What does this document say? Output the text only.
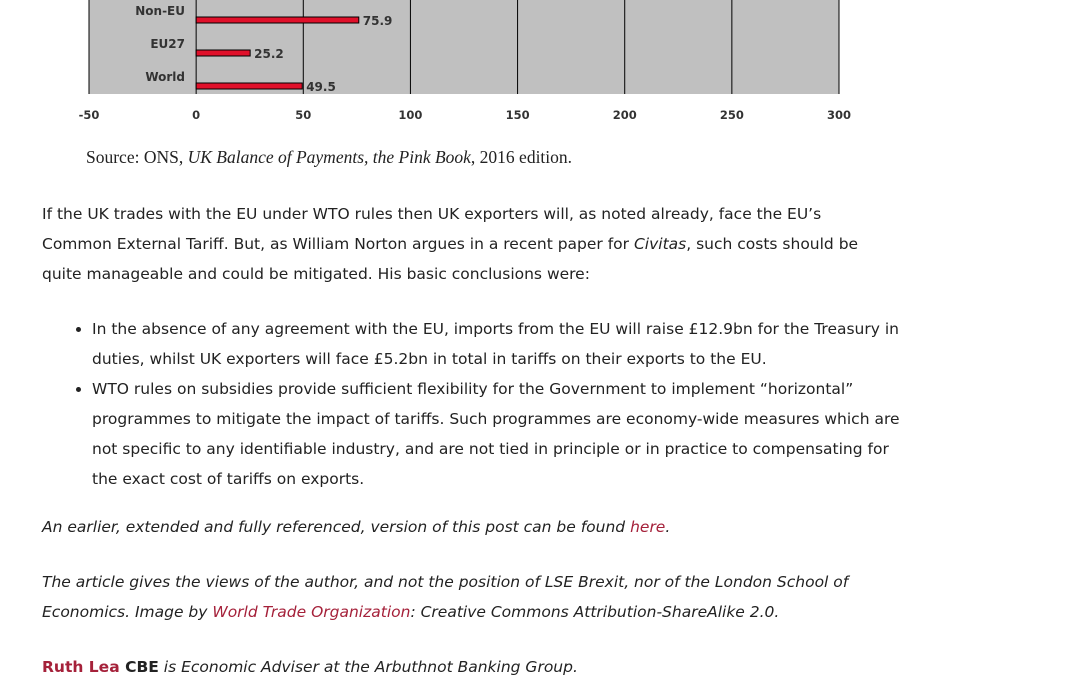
Non-EU
EU27
World
75.9
25.2
49.5
-50	0	50	100	150	200	250	300
Source: ONS, UK Balance of Payments, the Pink Book, 2016 edition.

If the UK trades with the EU under WTO rules then UK exporters will, as noted already, face the EU’s Common External Tariff. But, as William Norton argues in a recent paper for Civitas, such costs should be quite manageable and could be mitigated. His basic conclusions were:

• In the absence of any agreement with the EU, imports from the EU will raise £12.9bn for the Treasury in duties, whilst UK exporters will face £5.2bn in total in tariffs on their exports to the EU.
• WTO rules on subsidies provide sufficient flexibility for the Government to implement “horizontal” programmes to mitigate the impact of tariffs. Such programmes are economy-wide measures which are not specific to any identifiable industry, and are not tied in principle or in practice to compensating for the exact cost of tariffs on exports.

An earlier, extended and fully referenced, version of this post can be found here.

The article gives the views of the author, and not the position of LSE Brexit, nor of the London School of Economics. Image by World Trade Organization: Creative Commons Attribution-ShareAlike 2.0.

Ruth Lea CBE is Economic Adviser at the Arbuthnot Banking Group.
